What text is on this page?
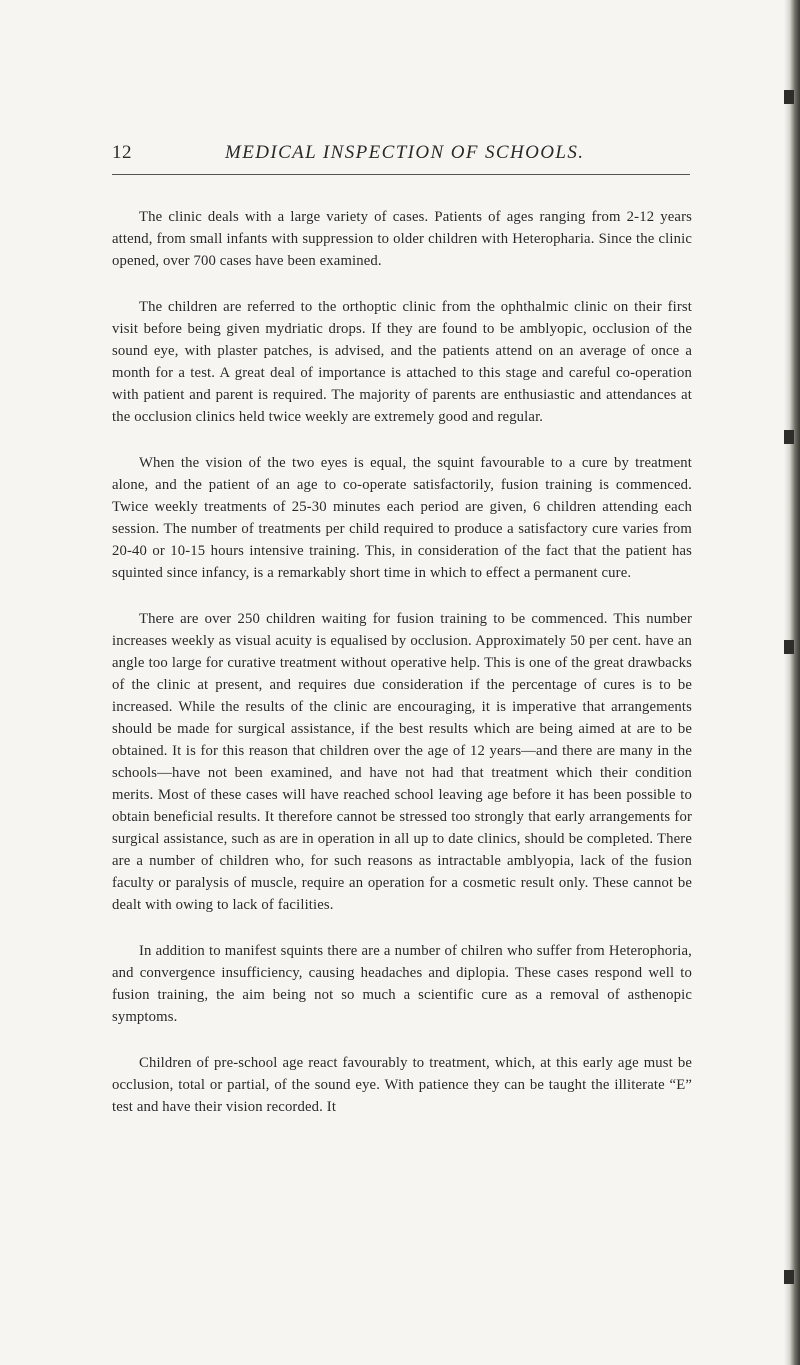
12	MEDICAL INSPECTION OF SCHOOLS.

The clinic deals with a large variety of cases. Patients of ages ranging from 2-12 years attend, from small infants with suppression to older children with Heteropharia. Since the clinic opened, over 700 cases have been examined.

The children are referred to the orthoptic clinic from the ophthalmic clinic on their first visit before being given mydriatic drops. If they are found to be amblyopic, occlusion of the sound eye, with plaster patches, is advised, and the patients attend on an average of once a month for a test. A great deal of importance is attached to this stage and careful co-operation with patient and parent is required. The majority of parents are enthusiastic and attendances at the occlusion clinics held twice weekly are extremely good and regular.

When the vision of the two eyes is equal, the squint favourable to a cure by treatment alone, and the patient of an age to co-operate satisfactorily, fusion training is commenced. Twice weekly treatments of 25-30 minutes each period are given, 6 children attending each session. The number of treatments per child required to produce a satisfactory cure varies from 20-40 or 10-15 hours intensive training. This, in consideration of the fact that the patient has squinted since infancy, is a remarkably short time in which to effect a permanent cure.

There are over 250 children waiting for fusion training to be commenced. This number increases weekly as visual acuity is equalised by occlusion. Approximately 50 per cent. have an angle too large for curative treatment without operative help. This is one of the great drawbacks of the clinic at present, and requires due consideration if the percentage of cures is to be increased. While the results of the clinic are encouraging, it is imperative that arrangements should be made for surgical assistance, if the best results which are being aimed at are to be obtained. It is for this reason that children over the age of 12 years—and there are many in the schools—have not been examined, and have not had that treatment which their condition merits. Most of these cases will have reached school leaving age before it has been possible to obtain beneficial results. It therefore cannot be stressed too strongly that early arrangements for surgical assistance, such as are in operation in all up to date clinics, should be completed. There are a number of children who, for such reasons as intractable amblyopia, lack of the fusion faculty or paralysis of muscle, require an operation for a cosmetic result only. These cannot be dealt with owing to lack of facilities.

In addition to manifest squints there are a number of chilren who suffer from Heterophoria, and convergence insufficiency, causing headaches and diplopia. These cases respond well to fusion training, the aim being not so much a scientific cure as a removal of asthenopic symptoms.

Children of pre-school age react favourably to treatment, which, at this early age must be occlusion, total or partial, of the sound eye. With patience they can be taught the illiterate “E” test and have their vision recorded. It
